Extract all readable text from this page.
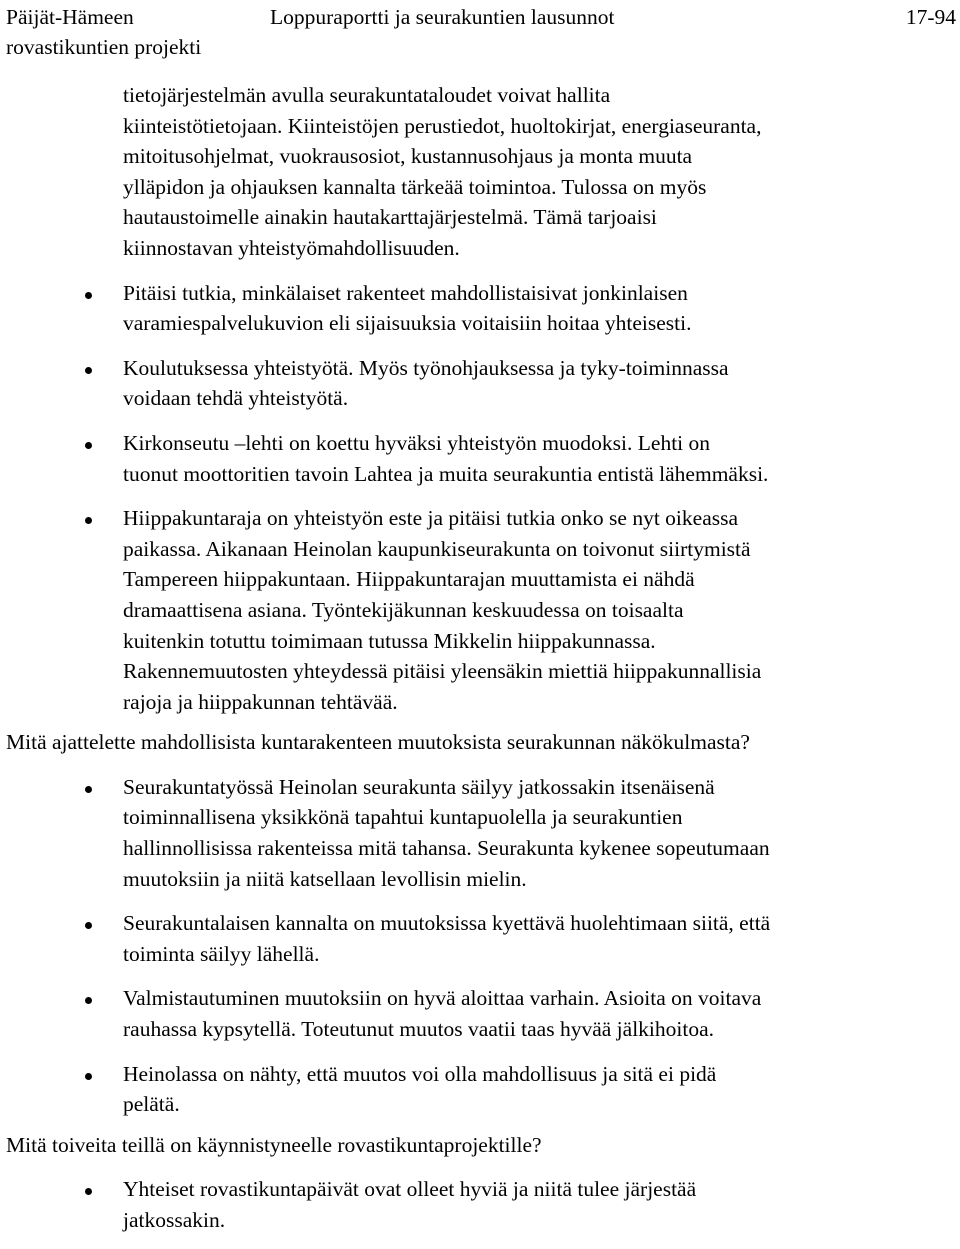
Päijät-Hämeen
rovastikuntien projekti
Loppuraportti ja seurakuntien lausunnot	17-94

tietojärjestelmän avulla seurakuntataloudet voivat hallita
kiinteistötietojaan. Kiinteistöjen perustiedot, huoltokirjat, energiaseuranta,
mitoitusohjelmat, vuokrausosiot, kustannusohjaus ja monta muuta
ylläpidon ja ohjauksen kannalta tärkeää toimintoa. Tulossa on myös
hautaustoimelle ainakin hautakarttajärjestelmä. Tämä tarjoaisi
kiinnostavan yhteistyömahdollisuuden.

Pitäisi tutkia, minkälaiset rakenteet mahdollistaisivat jonkinlaisen
varamiespalvelukuvion eli sijaisuuksia voitaisiin hoitaa yhteisesti.
Koulutuksessa yhteistyötä. Myös työnohjauksessa ja tyky-toiminnassa
voidaan tehdä yhteistyötä.
Kirkonseutu –lehti on koettu hyväksi yhteistyön muodoksi. Lehti on
tuonut moottoritien tavoin Lahtea ja muita seurakuntia entistä lähemmäksi.
Hiippakuntaraja on yhteistyön este ja pitäisi tutkia onko se nyt oikeassa
paikassa. Aikanaan Heinolan kaupunkiseurakunta on toivonut siirtymistä
Tampereen hiippakuntaan. Hiippakuntarajan muuttamista ei nähdä
dramaattisena asiana. Työntekijäkunnan keskuudessa on toisaalta
kuitenkin totuttu toimimaan tutussa Mikkelin hiippakunnassa.
Rakennemuutosten yhteydessä pitäisi yleensäkin miettiä hiippakunnallisia
rajoja ja hiippakunnan tehtävää.
Mitä ajattelette mahdollisista kuntarakenteen muutoksista seurakunnan näkökulmasta?
Seurakuntatyössä Heinolan seurakunta säilyy jatkossakin itsenäisenä
toiminnallisena yksikkönä tapahtui kuntapuolella ja seurakuntien
hallinnollisissa rakenteissa mitä tahansa. Seurakunta kykenee sopeutumaan
muutoksiin ja niitä katsellaan levollisin mielin.
Seurakuntalaisen kannalta on muutoksissa kyettävä huolehtimaan siitä, että
toiminta säilyy lähellä.
Valmistautuminen muutoksiin on hyvä aloittaa varhain. Asioita on voitava
rauhassa kypsytellä. Toteutunut muutos vaatii taas hyvää jälkihoitoa.
Heinolassa on nähty, että muutos voi olla mahdollisuus ja sitä ei pidä
pelätä.
Mitä toiveita teillä on käynnistyneelle rovastikuntaprojektille?
Yhteiset rovastikuntapäivät ovat olleet hyviä ja niitä tulee järjestää
jatkossakin.
